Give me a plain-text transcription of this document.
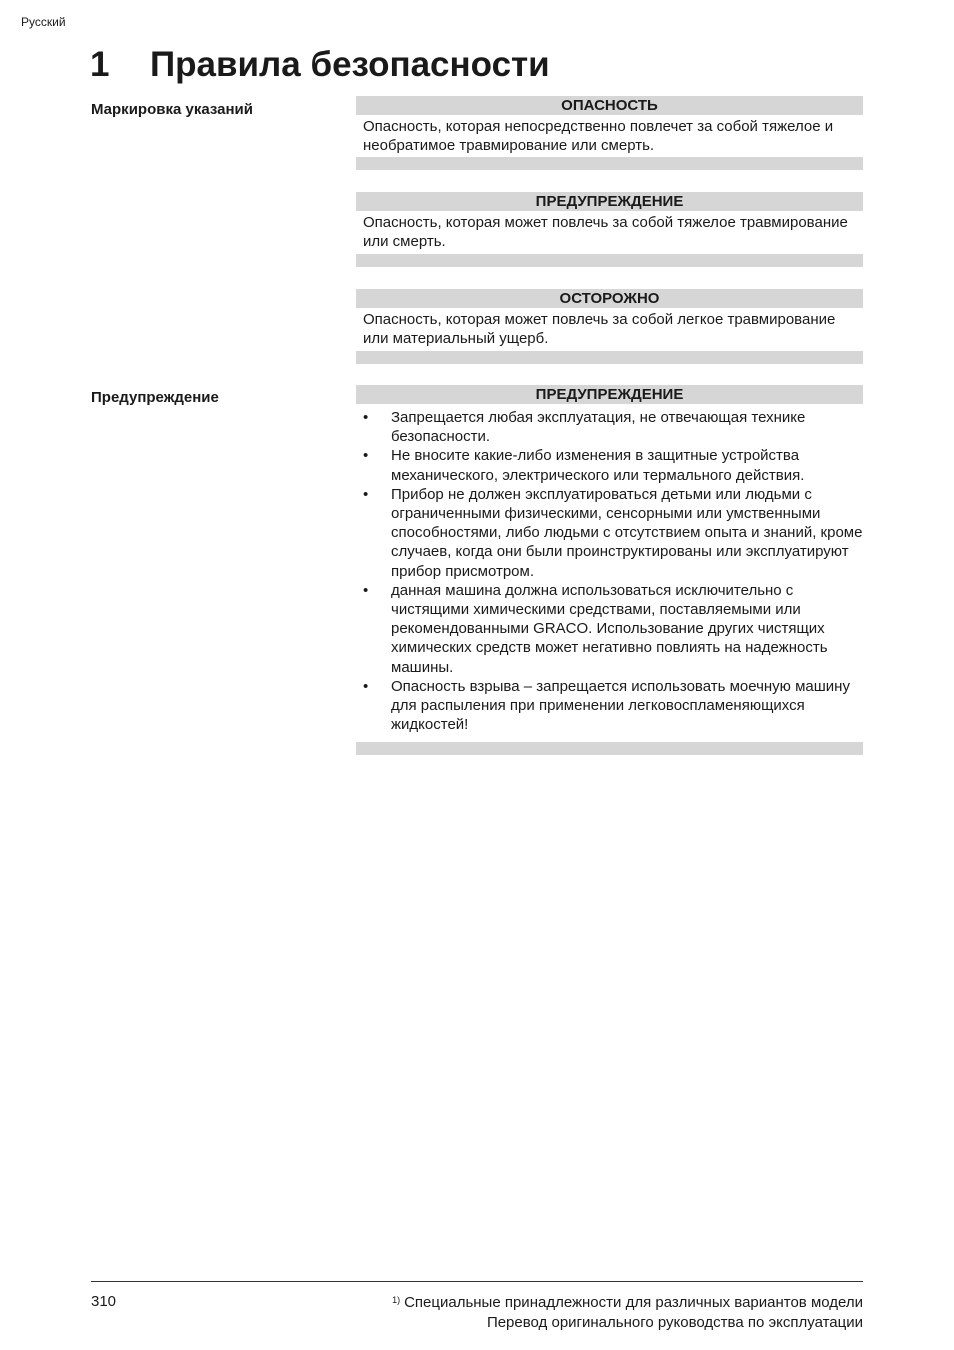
Русский
1 Правила безопасности
Маркировка указаний	ОПАСНОСТЬ
Опасность, которая непосредственно повлечет за собой тяжелое и необратимое травмирование или смерть.
ПРЕДУПРЕЖДЕНИЕ
Опасность, которая может повлечь за собой тяжелое травмирование или смерть.
ОСТОРОЖНО
Опасность, которая может повлечь за собой легкое травмирование или материальный ущерб.
Предупреждение	ПРЕДУПРЕЖДЕНИЕ
• Запрещается любая эксплуатация, не отвечающая технике безопасности.
• Не вносите какие-либо изменения в защитные устройства механического, электрического или термального действия.
• Прибор не должен эксплуатироваться детьми или людьми с ограниченными физическими, сенсорными или умственными способностями, либо людьми с отсутствием опыта и знаний, кроме случаев, когда они были проинструктированы или эксплуатируют прибор присмотром.
• данная машина должна использоваться исключительно с чистящими химическими средствами, поставляемыми или рекомендованными GRACO. Использование других чистящих химических средств может негативно повлиять на надежность машины.
• Опасность взрыва – запрещается использовать моечную машину для распыления при применении легковоспламеняющихся жидкостей!
310	$^{1)}$ Специальные принадлежности для различных вариантов модели
Перевод оригинального руководства по эксплуатации
